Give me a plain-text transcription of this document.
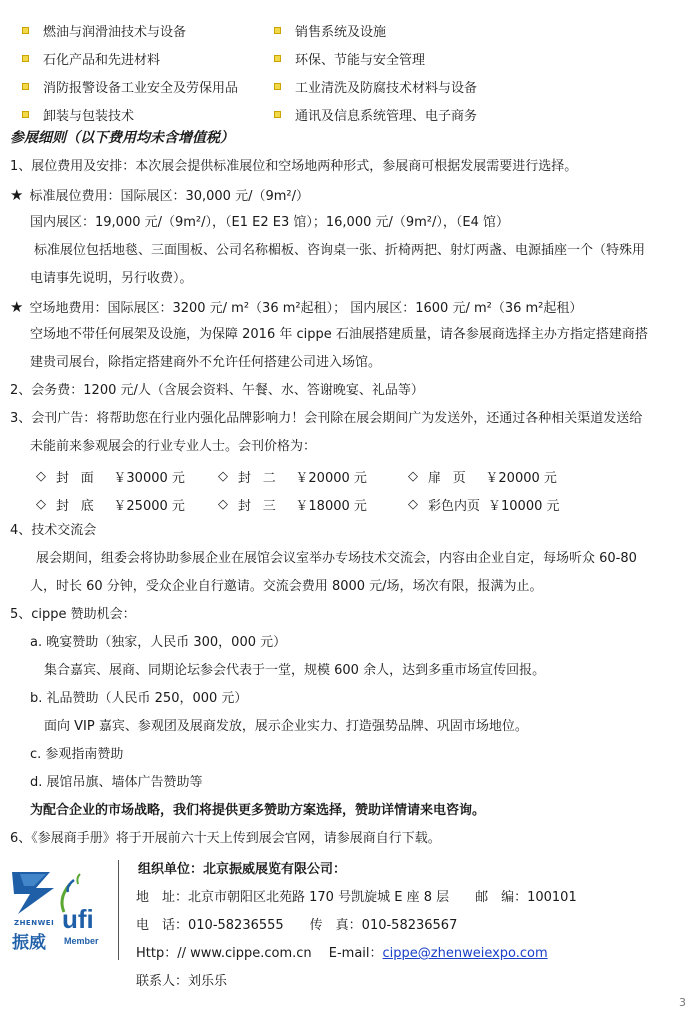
燃油与润滑油技术与设备	销售系统及设施
石化产品和先进材料	环保、节能与安全管理
消防报警设备工业安全及劳保用品	工业清洗及防腐技术材料与设备
卸装与包装技术	通讯及信息系统管理、电子商务
参展细则（以下费用均未含增值税）
1、展位费用及安排：本次展会提供标准展位和空场地两种形式，参展商可根据发展需要进行选择。
★ 标准展位费用：国际展区：30,000 元/（9m²/）
国内展区：19,000 元/（9m²/），（E1 E2 E3 馆）；16,000 元/（9m²/），（E4 馆）
标准展位包括地毯、三面围板、公司名称楣板、咨询桌一张、折椅两把、射灯两盏、电源插座一个（特殊用
电请事先说明，另行收费）。
★ 空场地费用：国际展区：3200 元/ m²（36 m²起租）； 国内展区：1600 元/ m²（36 m²起租）
空场地不带任何展架及设施，为保障 2016 年 cippe 石油展搭建质量，请各参展商选择主办方指定搭建商搭
建贵司展台，除指定搭建商外不允许任何搭建公司进入场馆。
2、会务费：1200 元/人（含展会资料、午餐、水、答谢晚宴、礼品等）
3、会刊广告：将帮助您在行业内强化品牌影响力！会刊除在展会期间广为发送外，还通过各种相关渠道发送给
未能前来参观展会的行业专业人士。会刊价格为：
◇ 封面 ￥30000 元	◇ 封二 ￥20000 元	◇ 扉页 ￥20000 元
◇ 封底 ￥25000 元	◇ 封三 ￥18000 元	◇ 彩色内页 ￥10000 元
4、技术交流会
展会期间，组委会将协助参展企业在展馆会议室举办专场技术交流会，内容由企业自定，每场听众 60-80
人，时长 60 分钟，受众企业自行邀请。交流会费用 8000 元/场，场次有限，报满为止。
5、cippe 赞助机会：
a. 晚宴赞助（独家，人民币 300，000 元）
集合嘉宾、展商、同期论坛参会代表于一堂，规模 600 余人，达到多重市场宣传回报。
b. 礼品赞助（人民币 250，000 元）
面向 VIP 嘉宾、参观团及展商发放，展示企业实力、打造强势品牌、巩固市场地位。
c. 参观指南赞助
d. 展馆吊旗、墙体广告赞助等
为配合企业的市场战略，我们将提供更多赞助方案选择，赞助详情请来电咨询。
6、《参展商手册》将于开展前六十天上传到展会官网，请参展商自行下载。
ZHENWEI
振威
ufi
Member
组织单位：北京振威展览有限公司：
地　址：北京市朝阳区北苑路 170 号凯旋城 E 座 8 层　　邮　编：100101
电　话：010-58236555　　传　真：010-58236567
Http：// www.cippe.com.cn　 E-mail：cippe@zhenweiexpo.com
联系人：刘乐乐
3
